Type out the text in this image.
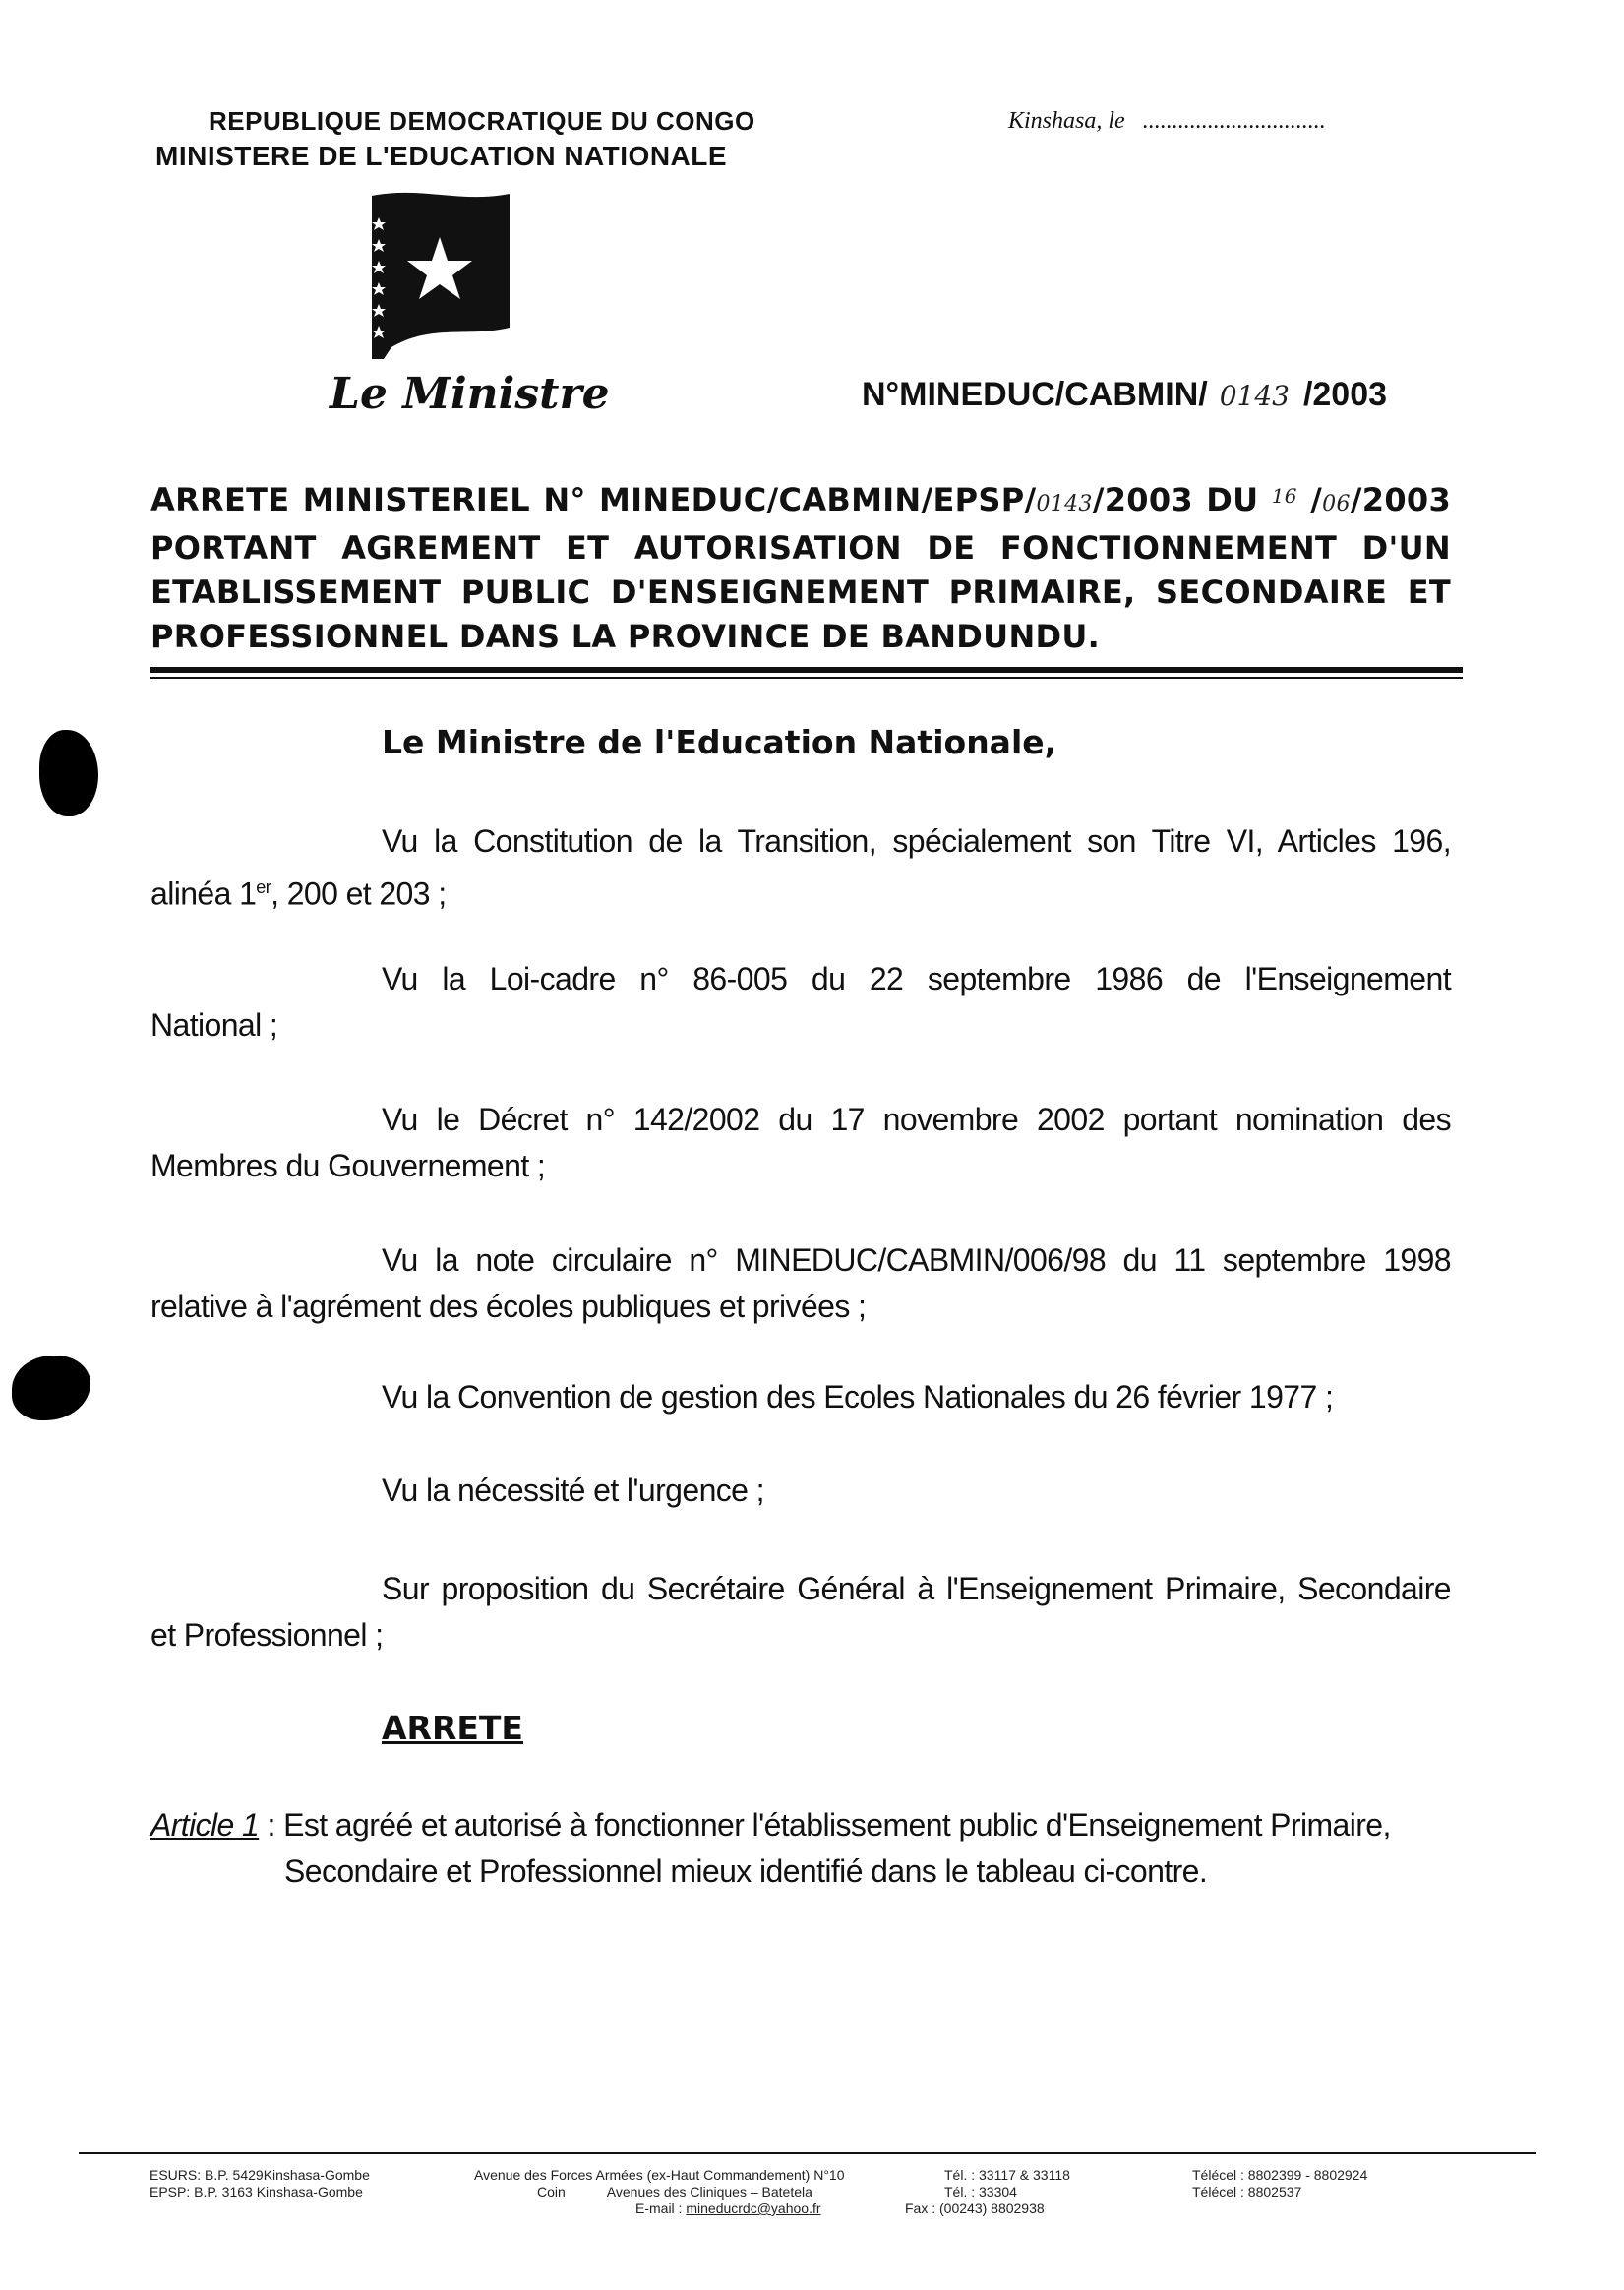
REPUBLIQUE DEMOCRATIQUE DU CONGO
MINISTERE DE L'EDUCATION NATIONALE
Kinshasa, le ...............................
Le Ministre	N°MINEDUC/CABMIN/ 0143 /2003
ARRETE MINISTERIEL N° MINEDUC/CABMIN/EPSP/0143/2003 DU $^{16}$ /06/2003
PORTANT AGREMENT ET AUTORISATION DE FONCTIONNEMENT D'UN
ETABLISSEMENT PUBLIC D'ENSEIGNEMENT PRIMAIRE, SECONDAIRE ET
PROFESSIONNEL DANS LA PROVINCE DE BANDUNDU.
Le Ministre de l'Education Nationale,
Vu la Constitution de la Transition, spécialement son Titre VI, Articles 196,
alinéa 1er, 200 et 203 ;
Vu la Loi-cadre n° 86-005 du 22 septembre 1986 de l'Enseignement
National ;
Vu le Décret n° 142/2002 du 17 novembre 2002 portant nomination des
Membres du Gouvernement ;
Vu la note circulaire n° MINEDUC/CABMIN/006/98 du 11 septembre 1998
relative à l'agrément des écoles publiques et privées ;
Vu la Convention de gestion des Ecoles Nationales du 26 février 1977 ;
Vu la nécessité et l'urgence ;
Sur proposition du Secrétaire Général à l'Enseignement Primaire, Secondaire
et Professionnel ;
ARRETE
Article 1 : Est agréé et autorisé à fonctionner l'établissement public d'Enseignement Primaire,
Secondaire et Professionnel mieux identifié dans le tableau ci-contre.
ESURS: B.P. 5429Kinshasa-Gombe
EPSP: B.P. 3163 Kinshasa-Gombe
Avenue des Forces Armées (ex-Haut Commandement) N°10
Coin	Avenues des Cliniques – Batetela
E-mail : mineducrdc@yahoo.fr
Tél. : 33117 & 33118
Tél. : 33304
Fax : (00243) 8802938
Télécel : 8802399 - 8802924
Télécel : 8802537
